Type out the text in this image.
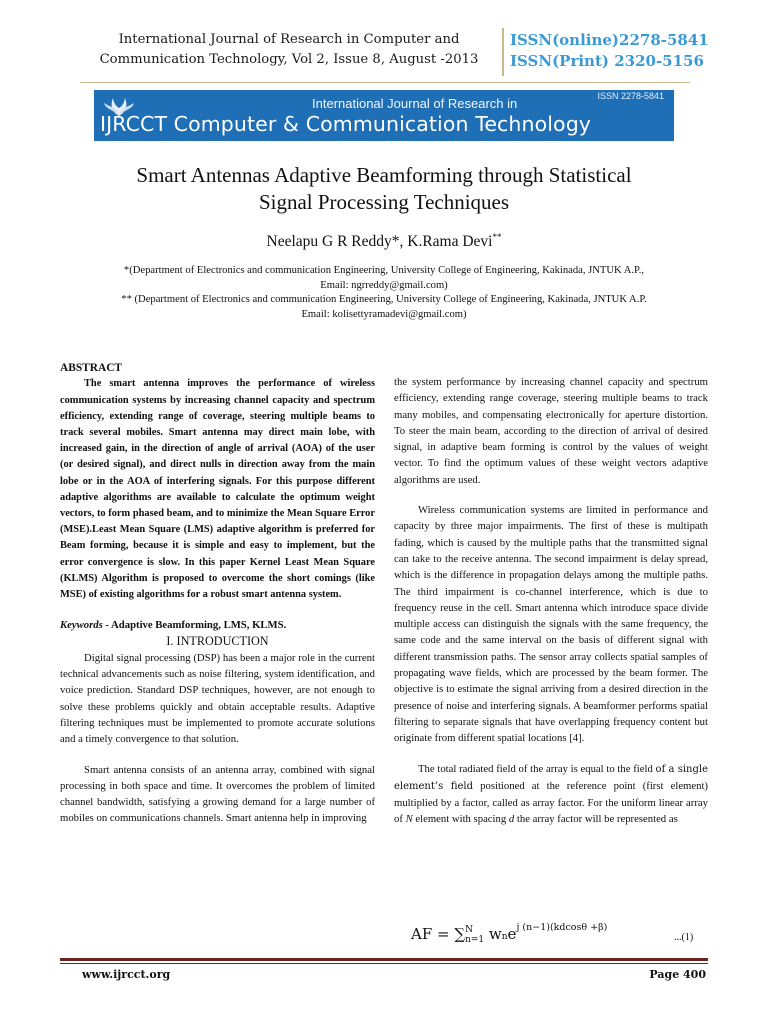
International Journal of Research in Computer and
Communication Technology, Vol 2, Issue 8, August -2013
ISSN(online)2278-5841
ISSN(Print) 2320-5156
ISSN 2278-5841
International Journal of Research in
IJRCCT Computer & Communication Technology
Smart Antennas Adaptive Beamforming through Statistical
Signal Processing Techniques
Neelapu G R Reddy*, K.Rama Devi**
*(Department of Electronics and communication Engineering, University College of Engineering, Kakinada, JNTUK A.P.,
Email: ngrreddy@gmail.com)
** (Department of Electronics and communication Engineering, University College of Engineering, Kakinada, JNTUK A.P.
Email: kolisettyramadevi@gmail.com)

ABSTRACT

The smart antenna improves the performance of wireless communication systems by increasing channel capacity and spectrum efficiency, extending range of coverage, steering multiple beams to track several mobiles. Smart antenna may direct main lobe, with increased gain, in the direction of angle of arrival (AOA) of the user (or desired signal), and direct nulls in direction away from the main lobe or in the AOA of interfering signals. For this purpose different adaptive algorithms are available to calculate the optimum weight vectors, to form phased beam, and to minimize the Mean Square Error (MSE).Least Mean Square (LMS) adaptive algorithm is preferred for Beam forming, because it is simple and easy to implement, but the error convergence is slow. In this paper Kernel Least Mean Square (KLMS) Algorithm is proposed to overcome the short comings (like MSE) of existing algorithms for a robust smart antenna system.

Keywords - Adaptive Beamforming, LMS, KLMS.

I. INTRODUCTION

Digital signal processing (DSP) has been a major role in the current technical advancements such as noise filtering, system identification, and voice prediction. Standard DSP techniques, however, are not enough to solve these problems quickly and obtain acceptable results. Adaptive filtering techniques must be implemented to promote accurate solutions and a timely convergence to that solution.

Smart antenna consists of an antenna array, combined with signal processing in both space and time. It overcomes the problem of limited channel bandwidth, satisfying a growing demand for a large number of mobiles on communications channels. Smart antenna help in improving

the system performance by increasing channel capacity and spectrum efficiency, extending range coverage, steering multiple beams to track many mobiles, and compensating electronically for aperture distortion. To steer the main beam, according to the direction of arrival of desired signal, in adaptive beam forming is control by the values of weight vector. To find the optimum values of these weight vectors adaptive algorithms are used.

Wireless communication systems are limited in performance and capacity by three major impairments. The first of these is multipath fading, which is caused by the multiple paths that the transmitted signal can take to the receive antenna. The second impairment is delay spread, which is the difference in propagation delays among the multiple paths. The third impairment is co-channel interference, which is due to frequency reuse in the cell. Smart antenna which introduce space divide multiple access can distinguish the signals with the same frequency, the same code and the same interval on the basis of different signal with different transmission paths. The sensor array collects spatial samples of propagating wave fields, which are processed by the beam former. The objective is to estimate the signal arriving from a desired direction in the presence of noise and interfering signals. A beamformer performs spatial filtering to separate signals that have overlapping frequency content but originate from different spatial locations [4].

The total radiated field of the array is equal to the field of a single element’s field positioned at the reference point (first element) multiplied by a factor, called as array factor. For the uniform linear array of N element with spacing d the array factor will be represented as

AF = ∑ N
n=1 wne$^{j (n-1)(kdcos\theta +\beta)}$
...(1)
www.ijrcct.org	Page 400
